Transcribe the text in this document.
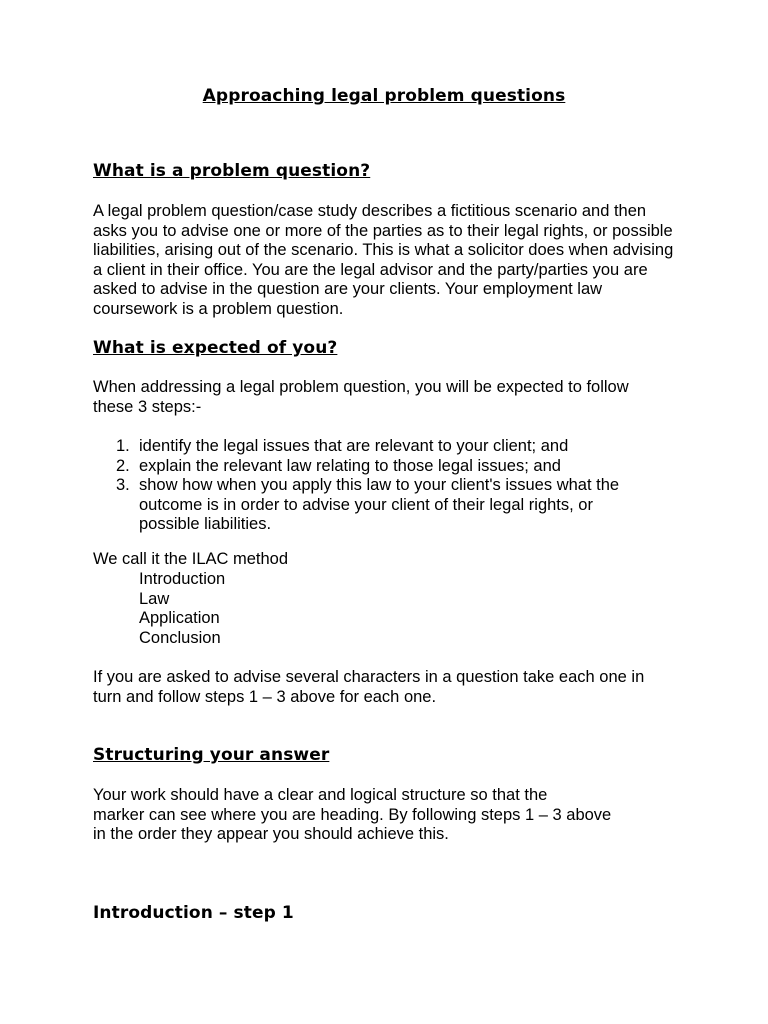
Approaching legal problem questions
What is a problem question?

A legal problem question/case study describes a fictitious scenario and then asks you to advise one or more of the parties as to their legal rights, or possible liabilities, arising out of the scenario. This is what a solicitor does when advising a client in their office. You are the legal advisor and the party/parties you are asked to advise in the question are your clients. Your employment law coursework is a problem question.

What is expected of you?

When addressing a legal problem question, you will be expected to follow these 3 steps:-

1. identify the legal issues that are relevant to your client; and
2. explain the relevant law relating to those legal issues; and
3. show how when you apply this law to your client's issues what the outcome is in order to advise your client of their legal rights, or possible liabilities.

We call it the ILAC method

Introduction

Law

Application

Conclusion

If you are asked to advise several characters in a question take each one in turn and follow steps 1 – 3 above for each one.

Structuring your answer

Your work should have a clear and logical structure so that the

marker can see where you are heading. By following steps 1 – 3 above

in the order they appear you should achieve this.

Introduction – step 1
